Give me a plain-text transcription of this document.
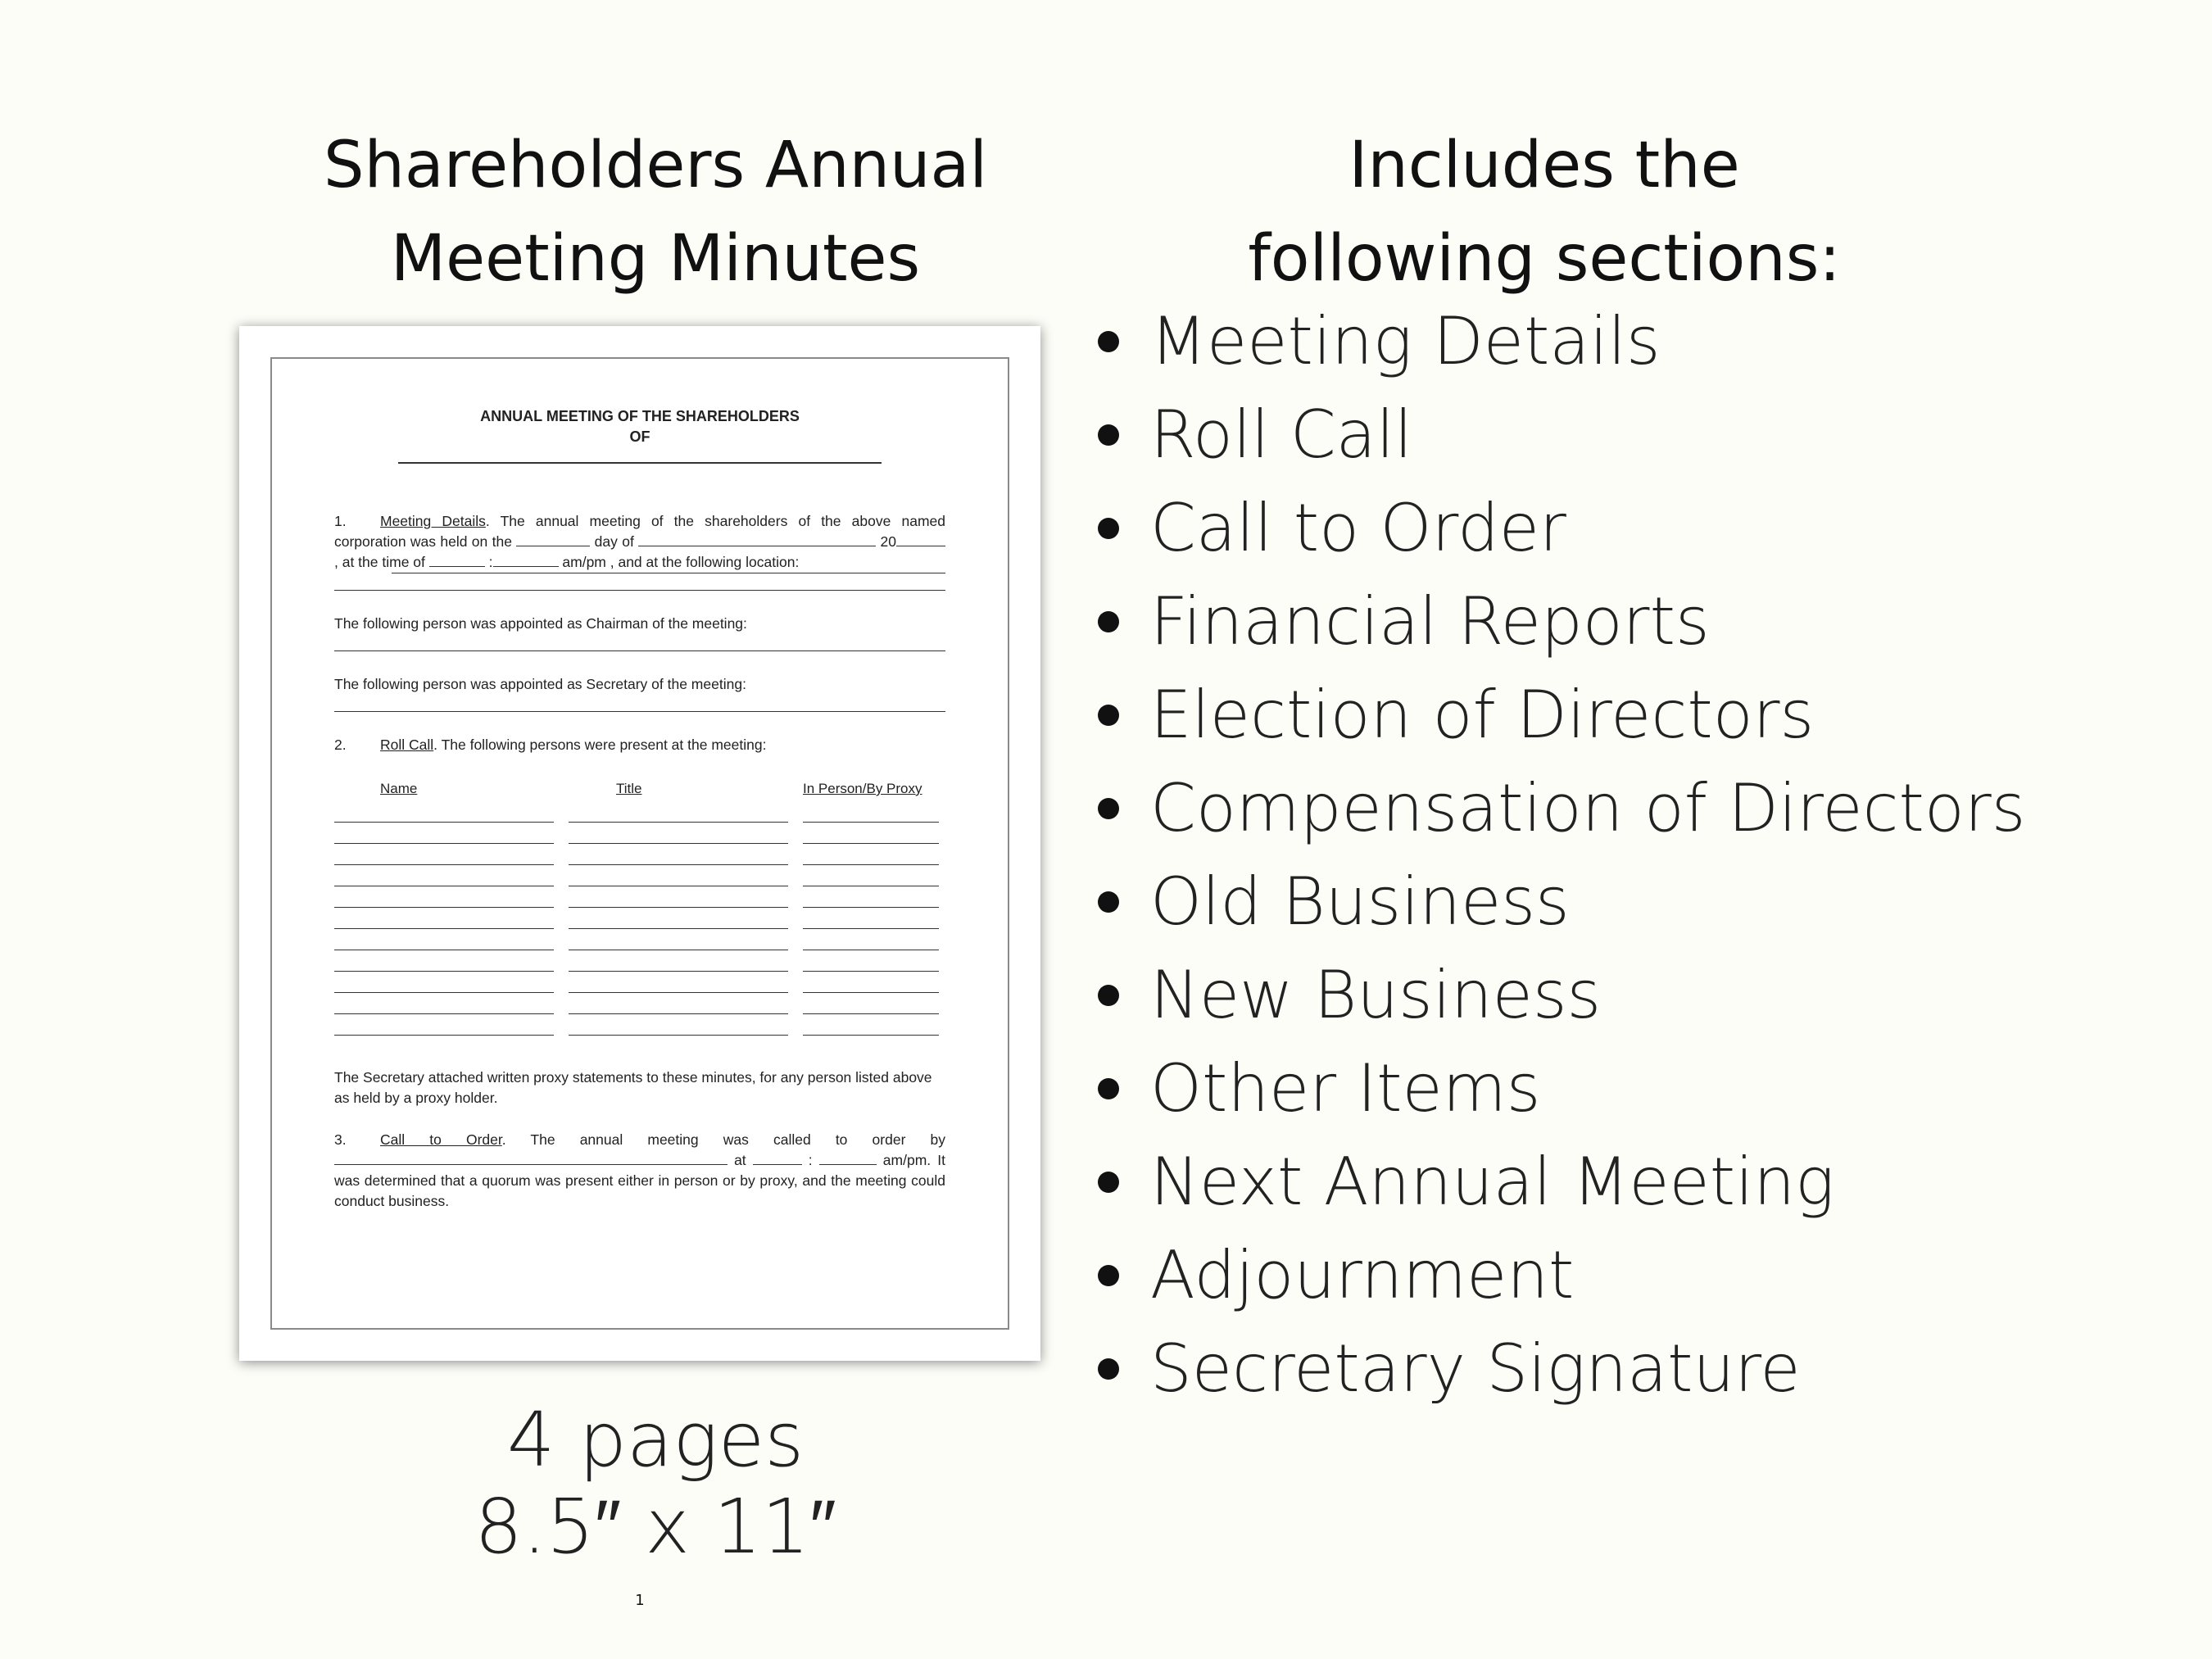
Shareholders Annual
Meeting Minutes
Includes the
following sections:
ANNUAL MEETING OF THE SHAREHOLDERS
OF
1. Meeting Details. The annual meeting of the shareholders of the above named corporation was held on the	day of	20, at the time of	:	am/pm , and at the following location:
The following person was appointed as Chairman of the meeting:
The following person was appointed as Secretary of the meeting:
2. Roll Call. The following persons were present at the meeting:
Name	Title	In Person/By Proxy
The Secretary attached written proxy statements to these minutes, for any person listed above as held by a proxy holder.
3. Call to Order. The annual meeting was called to order by  at	:	am/pm. It was determined that a quorum was present either in person or by proxy, and the meeting could conduct business.
1
4 pages
8.5″ x 11″
Meeting Details
Roll Call
Call to Order
Financial Reports
Election of Directors
Compensation of Directors
Old Business
New Business
Other Items
Next Annual Meeting
Adjournment
Secretary Signature
